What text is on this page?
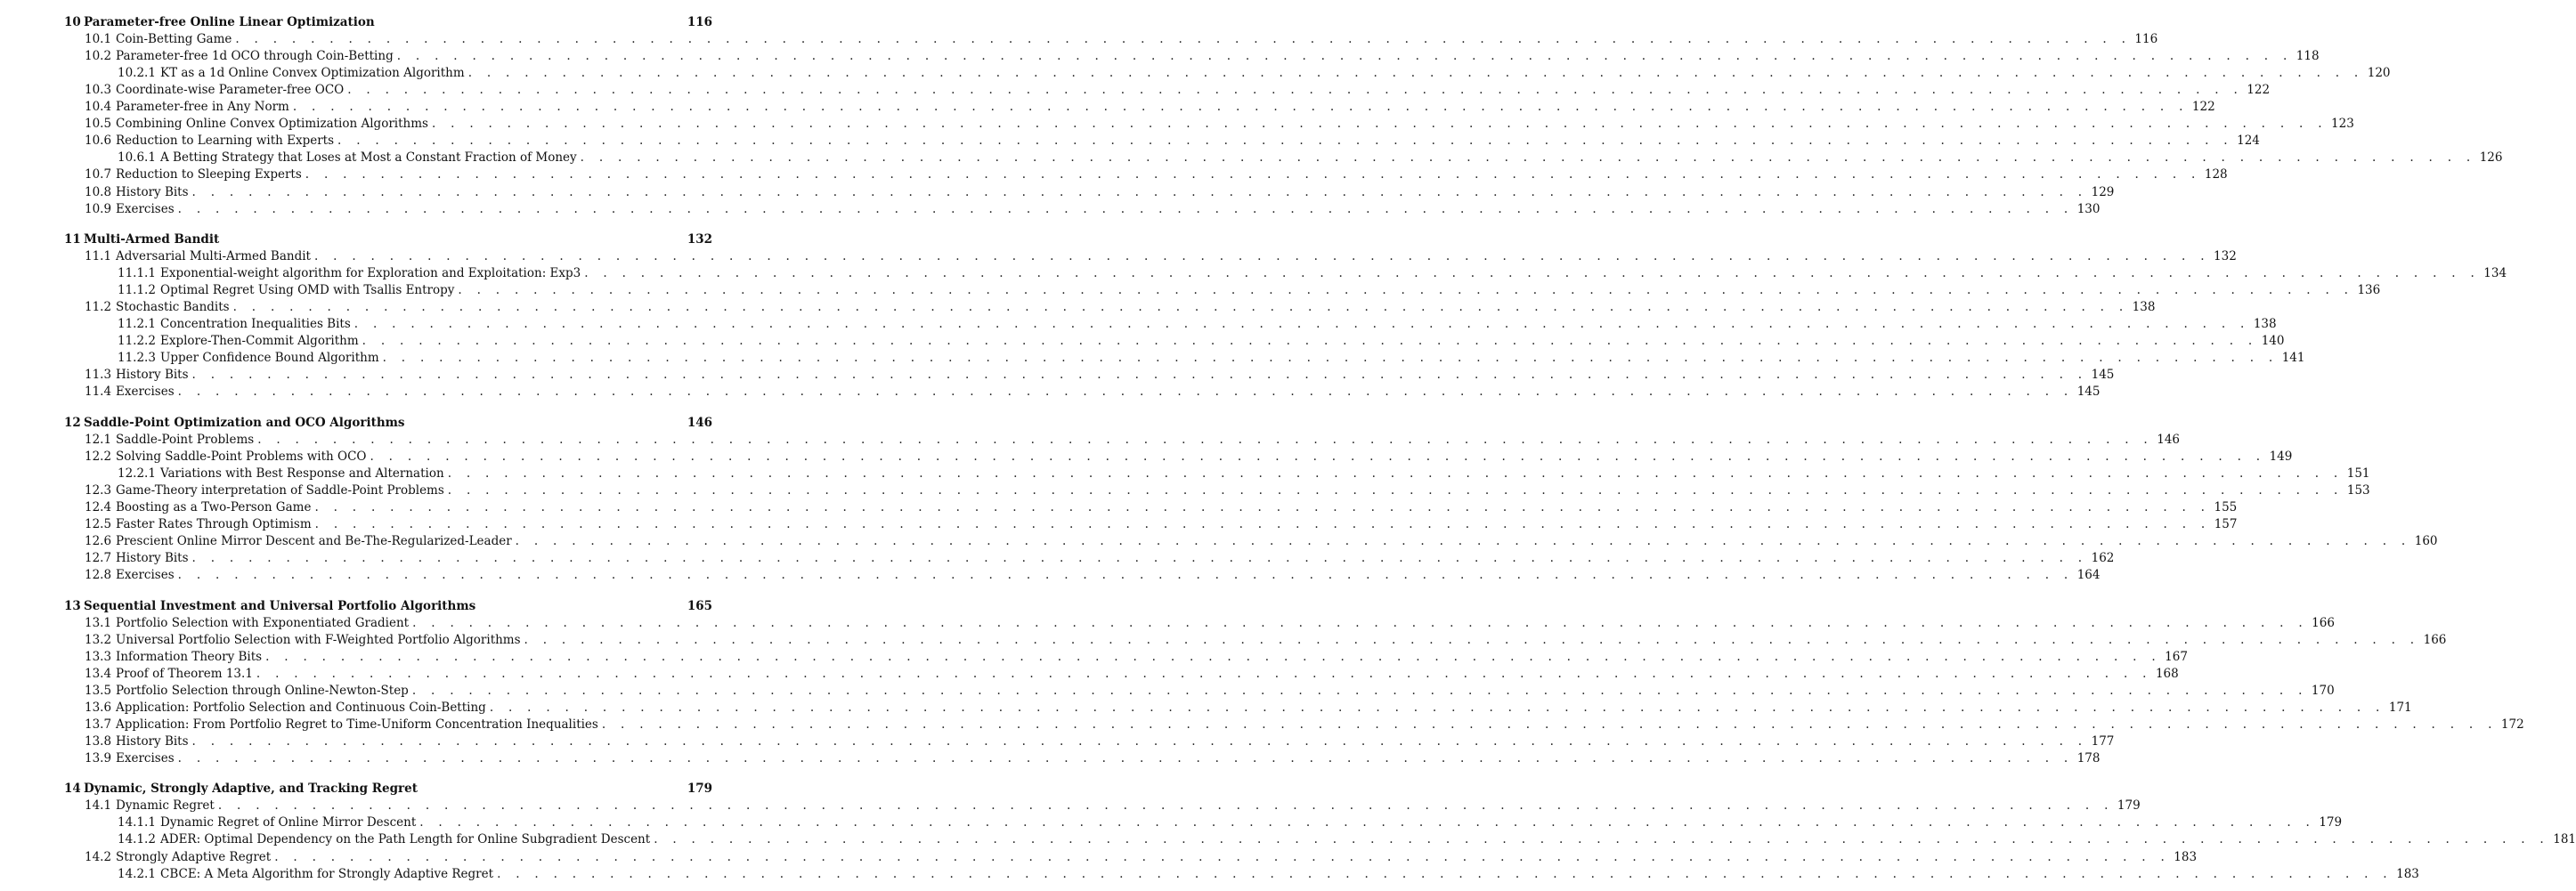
10 Parameter-free Online Linear Optimization	116
10.1 Coin-Betting Game . . . . . . . . . . . . . . . . . . . . . . . . . . . . . . . . . . . . . . . . . . . . . . . . . . . . . . . . . . . . . . . . . . . . . . . . . . . . . . . . . . . . . . . . . . . . . . . . . . . . . 116
10.2 Parameter-free 1d OCO through Coin-Betting . . . . . . . . . . . . . . . . . . . . . . . . . . . . . . . . . . . . . . . . . . . . . . . . . . . . . . . . . . . . . . . . . . . . . . . . . . . . . . . . . . . . . . . . . . . . . . . . . . . . . 118
10.2.1 KT as a 1d Online Convex Optimization Algorithm . . . . . . . . . . . . . . . . . . . . . . . . . . . . . . . . . . . . . . . . . . . . . . . . . . . . . . . . . . . . . . . . . . . . . . . . . . . . . . . . . . . . . . . . . . . . . . . . . . . . . 120
10.3 Coordinate-wise Parameter-free OCO . . . . . . . . . . . . . . . . . . . . . . . . . . . . . . . . . . . . . . . . . . . . . . . . . . . . . . . . . . . . . . . . . . . . . . . . . . . . . . . . . . . . . . . . . . . . . . . . . . . . . 122
10.4 Parameter-free in Any Norm . . . . . . . . . . . . . . . . . . . . . . . . . . . . . . . . . . . . . . . . . . . . . . . . . . . . . . . . . . . . . . . . . . . . . . . . . . . . . . . . . . . . . . . . . . . . . . . . . . . . . 122
10.5 Combining Online Convex Optimization Algorithms . . . . . . . . . . . . . . . . . . . . . . . . . . . . . . . . . . . . . . . . . . . . . . . . . . . . . . . . . . . . . . . . . . . . . . . . . . . . . . . . . . . . . . . . . . . . . . . . . . . . . 123
10.6 Reduction to Learning with Experts . . . . . . . . . . . . . . . . . . . . . . . . . . . . . . . . . . . . . . . . . . . . . . . . . . . . . . . . . . . . . . . . . . . . . . . . . . . . . . . . . . . . . . . . . . . . . . . . . . . . . 124
10.6.1 A Betting Strategy that Loses at Most a Constant Fraction of Money . . . . . . . . . . . . . . . . . . . . . . . . . . . . . . . . . . . . . . . . . . . . . . . . . . . . . . . . . . . . . . . . . . . . . . . . . . . . . . . . . . . . . . . . . . . . . . . . . . . . . 126
10.7 Reduction to Sleeping Experts . . . . . . . . . . . . . . . . . . . . . . . . . . . . . . . . . . . . . . . . . . . . . . . . . . . . . . . . . . . . . . . . . . . . . . . . . . . . . . . . . . . . . . . . . . . . . . . . . . . . . 128
10.8 History Bits . . . . . . . . . . . . . . . . . . . . . . . . . . . . . . . . . . . . . . . . . . . . . . . . . . . . . . . . . . . . . . . . . . . . . . . . . . . . . . . . . . . . . . . . . . . . . . . . . . . . . 129
10.9 Exercises . . . . . . . . . . . . . . . . . . . . . . . . . . . . . . . . . . . . . . . . . . . . . . . . . . . . . . . . . . . . . . . . . . . . . . . . . . . . . . . . . . . . . . . . . . . . . . . . . . . . . 130
11 Multi-Armed Bandit	132
11.1 Adversarial Multi-Armed Bandit . . . . . . . . . . . . . . . . . . . . . . . . . . . . . . . . . . . . . . . . . . . . . . . . . . . . . . . . . . . . . . . . . . . . . . . . . . . . . . . . . . . . . . . . . . . . . . . . . . . . . 132
11.1.1 Exponential-weight algorithm for Exploration and Exploitation: Exp3 . . . . . . . . . . . . . . . . . . . . . . . . . . . . . . . . . . . . . . . . . . . . . . . . . . . . . . . . . . . . . . . . . . . . . . . . . . . . . . . . . . . . . . . . . . . . . . . . . . . . . 134
11.1.2 Optimal Regret Using OMD with Tsallis Entropy . . . . . . . . . . . . . . . . . . . . . . . . . . . . . . . . . . . . . . . . . . . . . . . . . . . . . . . . . . . . . . . . . . . . . . . . . . . . . . . . . . . . . . . . . . . . . . . . . . . . . 136
11.2 Stochastic Bandits . . . . . . . . . . . . . . . . . . . . . . . . . . . . . . . . . . . . . . . . . . . . . . . . . . . . . . . . . . . . . . . . . . . . . . . . . . . . . . . . . . . . . . . . . . . . . . . . . . . . . 138
11.2.1 Concentration Inequalities Bits . . . . . . . . . . . . . . . . . . . . . . . . . . . . . . . . . . . . . . . . . . . . . . . . . . . . . . . . . . . . . . . . . . . . . . . . . . . . . . . . . . . . . . . . . . . . . . . . . . . . . 138
11.2.2 Explore-Then-Commit Algorithm . . . . . . . . . . . . . . . . . . . . . . . . . . . . . . . . . . . . . . . . . . . . . . . . . . . . . . . . . . . . . . . . . . . . . . . . . . . . . . . . . . . . . . . . . . . . . . . . . . . . . 140
11.2.3 Upper Confidence Bound Algorithm . . . . . . . . . . . . . . . . . . . . . . . . . . . . . . . . . . . . . . . . . . . . . . . . . . . . . . . . . . . . . . . . . . . . . . . . . . . . . . . . . . . . . . . . . . . . . . . . . . . . . 141
11.3 History Bits . . . . . . . . . . . . . . . . . . . . . . . . . . . . . . . . . . . . . . . . . . . . . . . . . . . . . . . . . . . . . . . . . . . . . . . . . . . . . . . . . . . . . . . . . . . . . . . . . . . . . 145
11.4 Exercises . . . . . . . . . . . . . . . . . . . . . . . . . . . . . . . . . . . . . . . . . . . . . . . . . . . . . . . . . . . . . . . . . . . . . . . . . . . . . . . . . . . . . . . . . . . . . . . . . . . . . 145
12 Saddle-Point Optimization and OCO Algorithms	146
12.1 Saddle-Point Problems . . . . . . . . . . . . . . . . . . . . . . . . . . . . . . . . . . . . . . . . . . . . . . . . . . . . . . . . . . . . . . . . . . . . . . . . . . . . . . . . . . . . . . . . . . . . . . . . . . . . . 146
12.2 Solving Saddle-Point Problems with OCO . . . . . . . . . . . . . . . . . . . . . . . . . . . . . . . . . . . . . . . . . . . . . . . . . . . . . . . . . . . . . . . . . . . . . . . . . . . . . . . . . . . . . . . . . . . . . . . . . . . . . 149
12.2.1 Variations with Best Response and Alternation . . . . . . . . . . . . . . . . . . . . . . . . . . . . . . . . . . . . . . . . . . . . . . . . . . . . . . . . . . . . . . . . . . . . . . . . . . . . . . . . . . . . . . . . . . . . . . . . . . . . . 151
12.3 Game-Theory interpretation of Saddle-Point Problems . . . . . . . . . . . . . . . . . . . . . . . . . . . . . . . . . . . . . . . . . . . . . . . . . . . . . . . . . . . . . . . . . . . . . . . . . . . . . . . . . . . . . . . . . . . . . . . . . . . . . 153
12.4 Boosting as a Two-Person Game . . . . . . . . . . . . . . . . . . . . . . . . . . . . . . . . . . . . . . . . . . . . . . . . . . . . . . . . . . . . . . . . . . . . . . . . . . . . . . . . . . . . . . . . . . . . . . . . . . . . . 155
12.5 Faster Rates Through Optimism . . . . . . . . . . . . . . . . . . . . . . . . . . . . . . . . . . . . . . . . . . . . . . . . . . . . . . . . . . . . . . . . . . . . . . . . . . . . . . . . . . . . . . . . . . . . . . . . . . . . . 157
12.6 Prescient Online Mirror Descent and Be-The-Regularized-Leader . . . . . . . . . . . . . . . . . . . . . . . . . . . . . . . . . . . . . . . . . . . . . . . . . . . . . . . . . . . . . . . . . . . . . . . . . . . . . . . . . . . . . . . . . . . . . . . . . . . . . 160
12.7 History Bits . . . . . . . . . . . . . . . . . . . . . . . . . . . . . . . . . . . . . . . . . . . . . . . . . . . . . . . . . . . . . . . . . . . . . . . . . . . . . . . . . . . . . . . . . . . . . . . . . . . . . 162
12.8 Exercises . . . . . . . . . . . . . . . . . . . . . . . . . . . . . . . . . . . . . . . . . . . . . . . . . . . . . . . . . . . . . . . . . . . . . . . . . . . . . . . . . . . . . . . . . . . . . . . . . . . . . 164
13 Sequential Investment and Universal Portfolio Algorithms	165
13.1 Portfolio Selection with Exponentiated Gradient . . . . . . . . . . . . . . . . . . . . . . . . . . . . . . . . . . . . . . . . . . . . . . . . . . . . . . . . . . . . . . . . . . . . . . . . . . . . . . . . . . . . . . . . . . . . . . . . . . . . . 166
13.2 Universal Portfolio Selection with F-Weighted Portfolio Algorithms . . . . . . . . . . . . . . . . . . . . . . . . . . . . . . . . . . . . . . . . . . . . . . . . . . . . . . . . . . . . . . . . . . . . . . . . . . . . . . . . . . . . . . . . . . . . . . . . . . . . . 166
13.3 Information Theory Bits . . . . . . . . . . . . . . . . . . . . . . . . . . . . . . . . . . . . . . . . . . . . . . . . . . . . . . . . . . . . . . . . . . . . . . . . . . . . . . . . . . . . . . . . . . . . . . . . . . . . . 167
13.4 Proof of Theorem 13.1 . . . . . . . . . . . . . . . . . . . . . . . . . . . . . . . . . . . . . . . . . . . . . . . . . . . . . . . . . . . . . . . . . . . . . . . . . . . . . . . . . . . . . . . . . . . . . . . . . . . . . 168
13.5 Portfolio Selection through Online-Newton-Step . . . . . . . . . . . . . . . . . . . . . . . . . . . . . . . . . . . . . . . . . . . . . . . . . . . . . . . . . . . . . . . . . . . . . . . . . . . . . . . . . . . . . . . . . . . . . . . . . . . . . 170
13.6 Application: Portfolio Selection and Continuous Coin-Betting . . . . . . . . . . . . . . . . . . . . . . . . . . . . . . . . . . . . . . . . . . . . . . . . . . . . . . . . . . . . . . . . . . . . . . . . . . . . . . . . . . . . . . . . . . . . . . . . . . . . . 171
13.7 Application: From Portfolio Regret to Time-Uniform Concentration Inequalities . . . . . . . . . . . . . . . . . . . . . . . . . . . . . . . . . . . . . . . . . . . . . . . . . . . . . . . . . . . . . . . . . . . . . . . . . . . . . . . . . . . . . . . . . . . . . . . . . . . . . 172
13.8 History Bits . . . . . . . . . . . . . . . . . . . . . . . . . . . . . . . . . . . . . . . . . . . . . . . . . . . . . . . . . . . . . . . . . . . . . . . . . . . . . . . . . . . . . . . . . . . . . . . . . . . . . 177
13.9 Exercises . . . . . . . . . . . . . . . . . . . . . . . . . . . . . . . . . . . . . . . . . . . . . . . . . . . . . . . . . . . . . . . . . . . . . . . . . . . . . . . . . . . . . . . . . . . . . . . . . . . . . 178
14 Dynamic, Strongly Adaptive, and Tracking Regret	179
14.1 Dynamic Regret . . . . . . . . . . . . . . . . . . . . . . . . . . . . . . . . . . . . . . . . . . . . . . . . . . . . . . . . . . . . . . . . . . . . . . . . . . . . . . . . . . . . . . . . . . . . . . . . . . . . . 179
14.1.1 Dynamic Regret of Online Mirror Descent . . . . . . . . . . . . . . . . . . . . . . . . . . . . . . . . . . . . . . . . . . . . . . . . . . . . . . . . . . . . . . . . . . . . . . . . . . . . . . . . . . . . . . . . . . . . . . . . . . . . . 179
14.1.2 ADER: Optimal Dependency on the Path Length for Online Subgradient Descent . . . . . . . . . . . . . . . . . . . . . . . . . . . . . . . . . . . . . . . . . . . . . . . . . . . . . . . . . . . . . . . . . . . . . . . . . . . . . . . . . . . . . . . . . . . . . . . . . . . . . 181
14.2 Strongly Adaptive Regret . . . . . . . . . . . . . . . . . . . . . . . . . . . . . . . . . . . . . . . . . . . . . . . . . . . . . . . . . . . . . . . . . . . . . . . . . . . . . . . . . . . . . . . . . . . . . . . . . . . . . 183
14.2.1 CBCE: A Meta Algorithm for Strongly Adaptive Regret . . . . . . . . . . . . . . . . . . . . . . . . . . . . . . . . . . . . . . . . . . . . . . . . . . . . . . . . . . . . . . . . . . . . . . . . . . . . . . . . . . . . . . . . . . . . . . . . . . . . . 183
